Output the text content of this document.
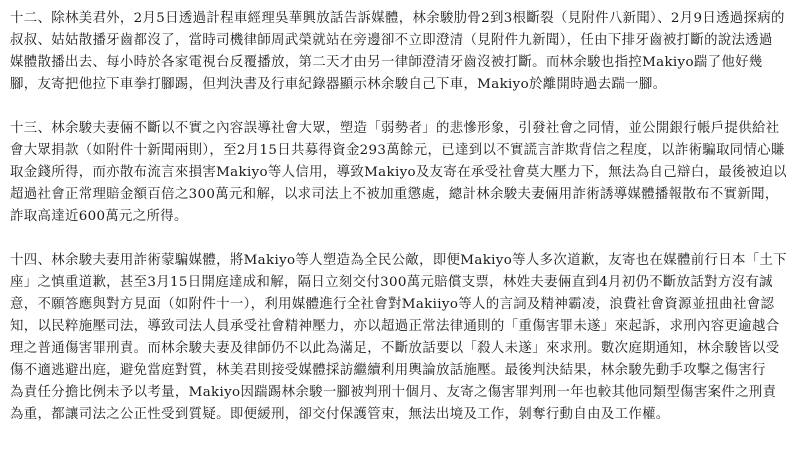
十二、除林美君外，2月5日透過計程車經理吳華興放話告訴媒體，林余駿肋骨2到3根斷裂（見附件八新聞）、2月9日透過探病的
叔叔、姑姑散播牙齒都沒了，當時司機律師周武榮就站在旁邊卻不立即澄清（見附件九新聞），任由下排牙齒被打斷的說法透過
媒體散播出去、每小時於各家電視台反覆播放，第二天才由另一律師澄清牙齒沒被打斷。而林余駿也指控Makiyo踹了他好幾
腳，友寄把他拉下車拳打腳踢，但判決書及行車紀錄器顯示林余駿自己下車，Makiyo於離開時過去踹一腳。

十三、林余駿夫妻倆不斷以不實之內容誤導社會大眾，塑造「弱勢者」的悲慘形象，引發社會之同情，並公開銀行帳戶提供給社
會大眾捐款（如附件十新聞兩則），至2月15日共募得資金293萬餘元，已達到以不實謊言詐欺背信之程度，以詐術騙取同情心賺
取金錢所得，而亦散布流言來損害Makiyo等人信用，導致Makiyo及友寄在承受社會莫大壓力下，無法為自己辯白，最後被迫以
超過社會正常理賠金額百倍之300萬元和解，以求司法上不被加重懲處，總計林余駿夫妻倆用詐術誘導媒體播報散布不實新聞，
詐取高達近600萬元之所得。

十四、林余駿夫妻用詐術蒙騙媒體，將Makiyo等人塑造為全民公敵，即便Makiyo等人多次道歉，友寄也在媒體前行日本「土下
座」之慎重道歉，甚至3月15日開庭達成和解，隔日立刻交付300萬元賠償支票，林姓夫妻倆直到4月初仍不斷放話對方沒有誠
意，不願答應與對方見面（如附件十一），利用媒體進行全社會對Makiiyo等人的言詞及精神霸凌，浪費社會資源並扭曲社會認
知，以民粹施壓司法，導致司法人員承受社會精神壓力，亦以超過正常法律通則的「重傷害罪未遂」來起訴，求刑內容更逾越合
理之普通傷害罪刑責。而林余駿夫妻及律師仍不以此為滿足，不斷放話要以「殺人未遂」來求刑。數次庭期通知，林余駿皆以受
傷不適逃避出庭，避免當庭對質，林美君則接受媒體採訪繼續利用輿論放話施壓。最後判決結果，林余駿先動手攻擊之傷害行
為責任分擔比例未予以考量，Makiyo因踹踢林余駿一腳被判刑十個月、友寄之傷害罪判刑一年也較其他同類型傷害案件之刑責
為重，都讓司法之公正性受到質疑。即便緩刑，卻交付保護管束，無法出境及工作，剝奪行動自由及工作權。
